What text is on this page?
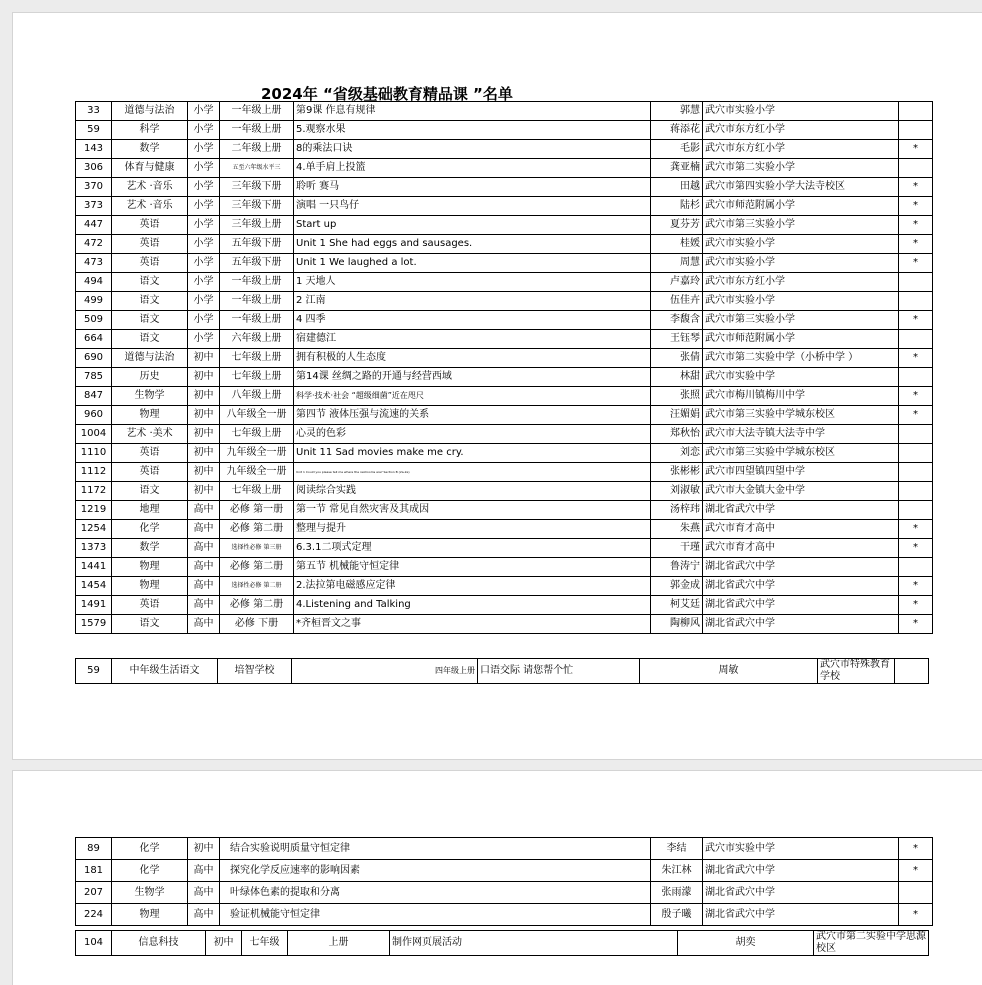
2024年 “省级基础教育精品课 ”名单
33	道德与法治	小学	一年级上册	第9课 作息有规律	郭慧	武穴市实验小学	
59	科学	小学	一年级上册	5.观察水果	蒋添花	武穴市东方红小学	
143	数学	小学	二年级上册	8的乘法口诀	毛影	武穴市东方红小学	*
306	体育与健康	小学	五至六年级水平三	4.单手肩上投篮	龚亚楠	武穴市第二实验小学	
370	艺术 ·音乐	小学	三年级下册	聆听 赛马	田越	武穴市第四实验小学大法寺校区	*
373	艺术 ·音乐	小学	三年级下册	演唱 一只鸟仔	陆杉	武穴市师范附属小学	*
447	英语	小学	三年级上册	Start up	夏芬芳	武穴市第三实验小学	*
472	英语	小学	五年级下册	Unit 1 She had eggs and sausages.	桂媛	武穴市实验小学	*
473	英语	小学	五年级下册	Unit 1 We laughed a lot.	周慧	武穴市实验小学	*
494	语文	小学	一年级上册	1 天地人	卢嘉玲	武穴市东方红小学	
499	语文	小学	一年级上册	2 江南	伍佳卉	武穴市实验小学	
509	语文	小学	一年级上册	4 四季	李馥含	武穴市第三实验小学	*
664	语文	小学	六年级上册	宿建德江	王钰琴	武穴市师范附属小学	
690	道德与法治	初中	七年级上册	拥有积极的人生态度	张倩	武穴市第二实验中学（小桥中学 ）	*
785	历史	初中	七年级上册	第14课 丝绸之路的开通与经营西域	林甜	武穴市实验中学	
847	生物学	初中	八年级上册	科学·技术·社会 “超级细菌”近在咫尺	张照	武穴市梅川镇梅川中学	*
960	物理	初中	八年级全一册	第四节 液体压强与流速的关系	汪媚娟	武穴市第三实验中学城东校区	*
1004	艺术 ·美术	初中	七年级上册	心灵的色彩	郑秋怡	武穴市大法寺镇大法寺中学	
1110	英语	初中	九年级全一册	Unit 11 Sad movies make me cry.	刘恋	武穴市第三实验中学城东校区	
1112	英语	初中	九年级全一册	Unit 1 Could you please tell me where the restrooms are? Section B (2a-2e)	张彬彬	武穴市四望镇四望中学	
1172	语文	初中	七年级上册	阅读综合实践	刘淑敏	武穴市大金镇大金中学	
1219	地理	高中	必修 第一册	第一节 常见自然灾害及其成因	汤梓玮	湖北省武穴中学	
1254	化学	高中	必修 第二册	整理与提升	朱燕	武穴市育才高中	*
1373	数学	高中	选择性必修 第三册	6.3.1二项式定理	干瑾	武穴市育才高中	*
1441	物理	高中	必修 第二册	第五节 机械能守恒定律	鲁涛宁	湖北省武穴中学	
1454	物理	高中	选择性必修 第二册	2.法拉第电磁感应定律	郭金成	湖北省武穴中学	*
1491	英语	高中	必修 第二册	4.Listening and Talking	柯艾廷	湖北省武穴中学	*
1579	语文	高中	必修 下册	*齐桓晋文之事	陶柳风	湖北省武穴中学	*
59	中年级生活语文	培智学校	四年级上册	口语交际 请您帮个忙	周敏	武穴市特殊教育学校	
89	化学	初中	结合实验说明质量守恒定律	李结	武穴市实验中学	*
181	化学	高中	探究化学反应速率的影响因素	朱江林	湖北省武穴中学	*
207	生物学	高中	叶绿体色素的提取和分离	张雨濛	湖北省武穴中学	
224	物理	高中	验证机械能守恒定律	殷子曦	湖北省武穴中学	*
104	信息科技	初中	七年级	上册	制作网页展活动	胡奕	武穴市第二实验中学思源校区
